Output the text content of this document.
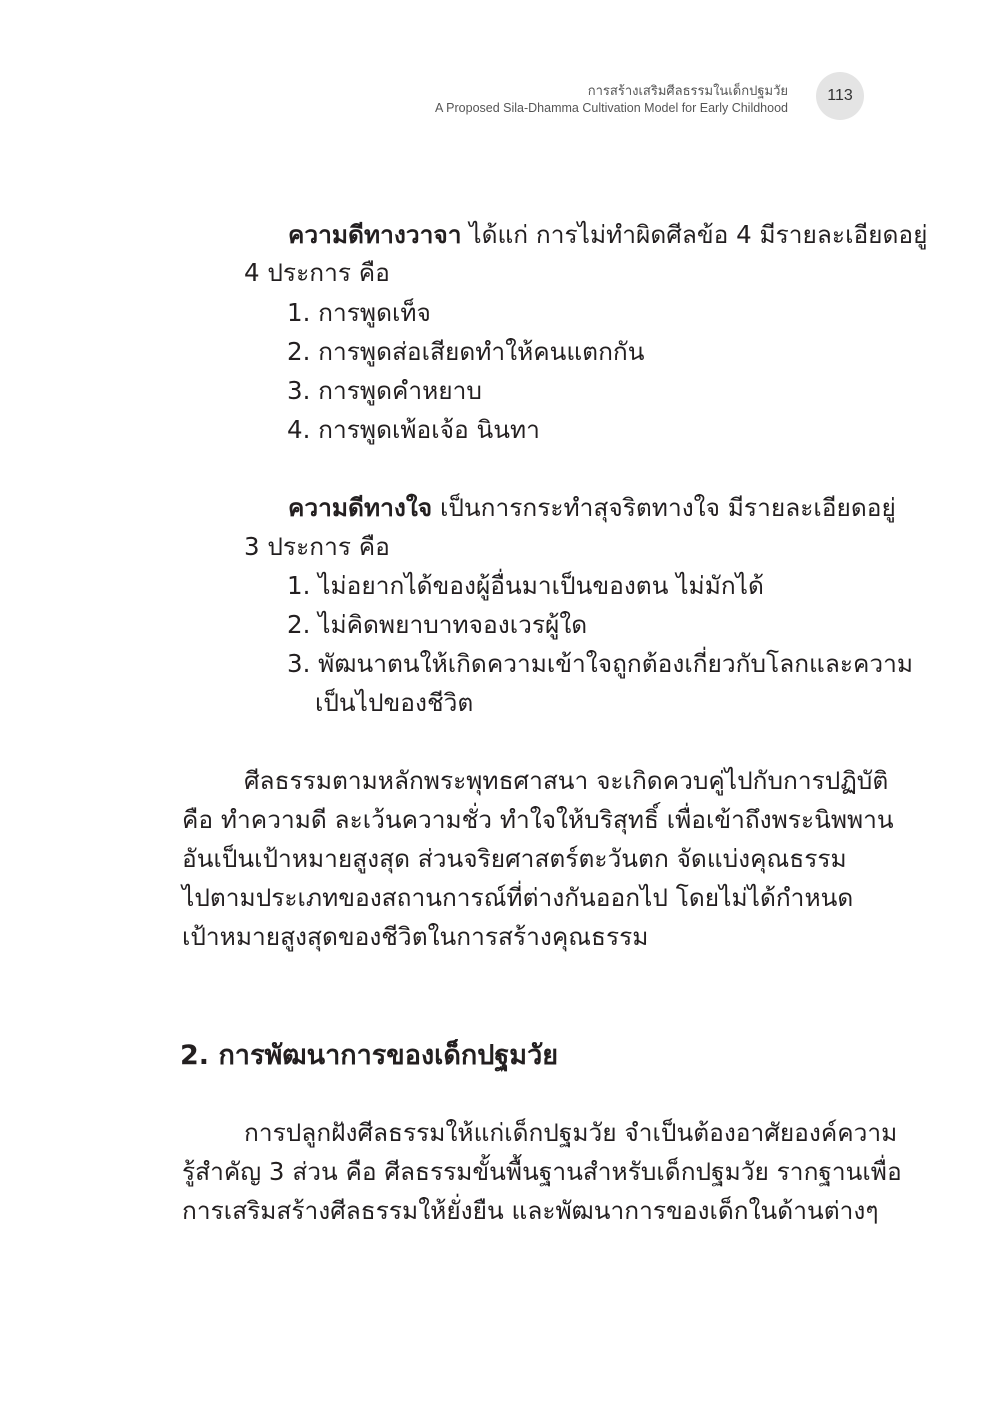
การสร้างเสริมศีลธรรมในเด็กปฐมวัย
A Proposed Sila-Dhamma Cultivation Model for Early Childhood
113
ความดีทางวาจา ได้แก่ การไม่ทำผิดศีลข้อ 4 มีรายละเอียดอยู่
4 ประการ คือ
1. การพูดเท็จ
2. การพูดส่อเสียดทำให้คนแตกกัน
3. การพูดคำหยาบ
4. การพูดเพ้อเจ้อ นินทา
ความดีทางใจ เป็นการกระทำสุจริตทางใจ มีรายละเอียดอยู่
3 ประการ คือ
1. ไม่อยากได้ของผู้อื่นมาเป็นของตน ไม่มักได้
2. ไม่คิดพยาบาทจองเวรผู้ใด
3. พัฒนาตนให้เกิดความเข้าใจถูกต้องเกี่ยวกับโลกและความ
เป็นไปของชีวิต
ศีลธรรมตามหลักพระพุทธศาสนา จะเกิดควบคู่ไปกับการปฏิบัติ
คือ ทำความดี ละเว้นความชั่ว ทำใจให้บริสุทธิ์ เพื่อเข้าถึงพระนิพพาน
อันเป็นเป้าหมายสูงสุด ส่วนจริยศาสตร์ตะวันตก จัดแบ่งคุณธรรม
ไปตามประเภทของสถานการณ์ที่ต่างกันออกไป โดยไม่ได้กำหนด
เป้าหมายสูงสุดของชีวิตในการสร้างคุณธรรม
2. การพัฒนาการของเด็กปฐมวัย
การปลูกฝังศีลธรรมให้แก่เด็กปฐมวัย จำเป็นต้องอาศัยองค์ความ
รู้สำคัญ 3 ส่วน คือ ศีลธรรมขั้นพื้นฐานสำหรับเด็กปฐมวัย รากฐานเพื่อ
การเสริมสร้างศีลธรรมให้ยั่งยืน และพัฒนาการของเด็กในด้านต่างๆ
